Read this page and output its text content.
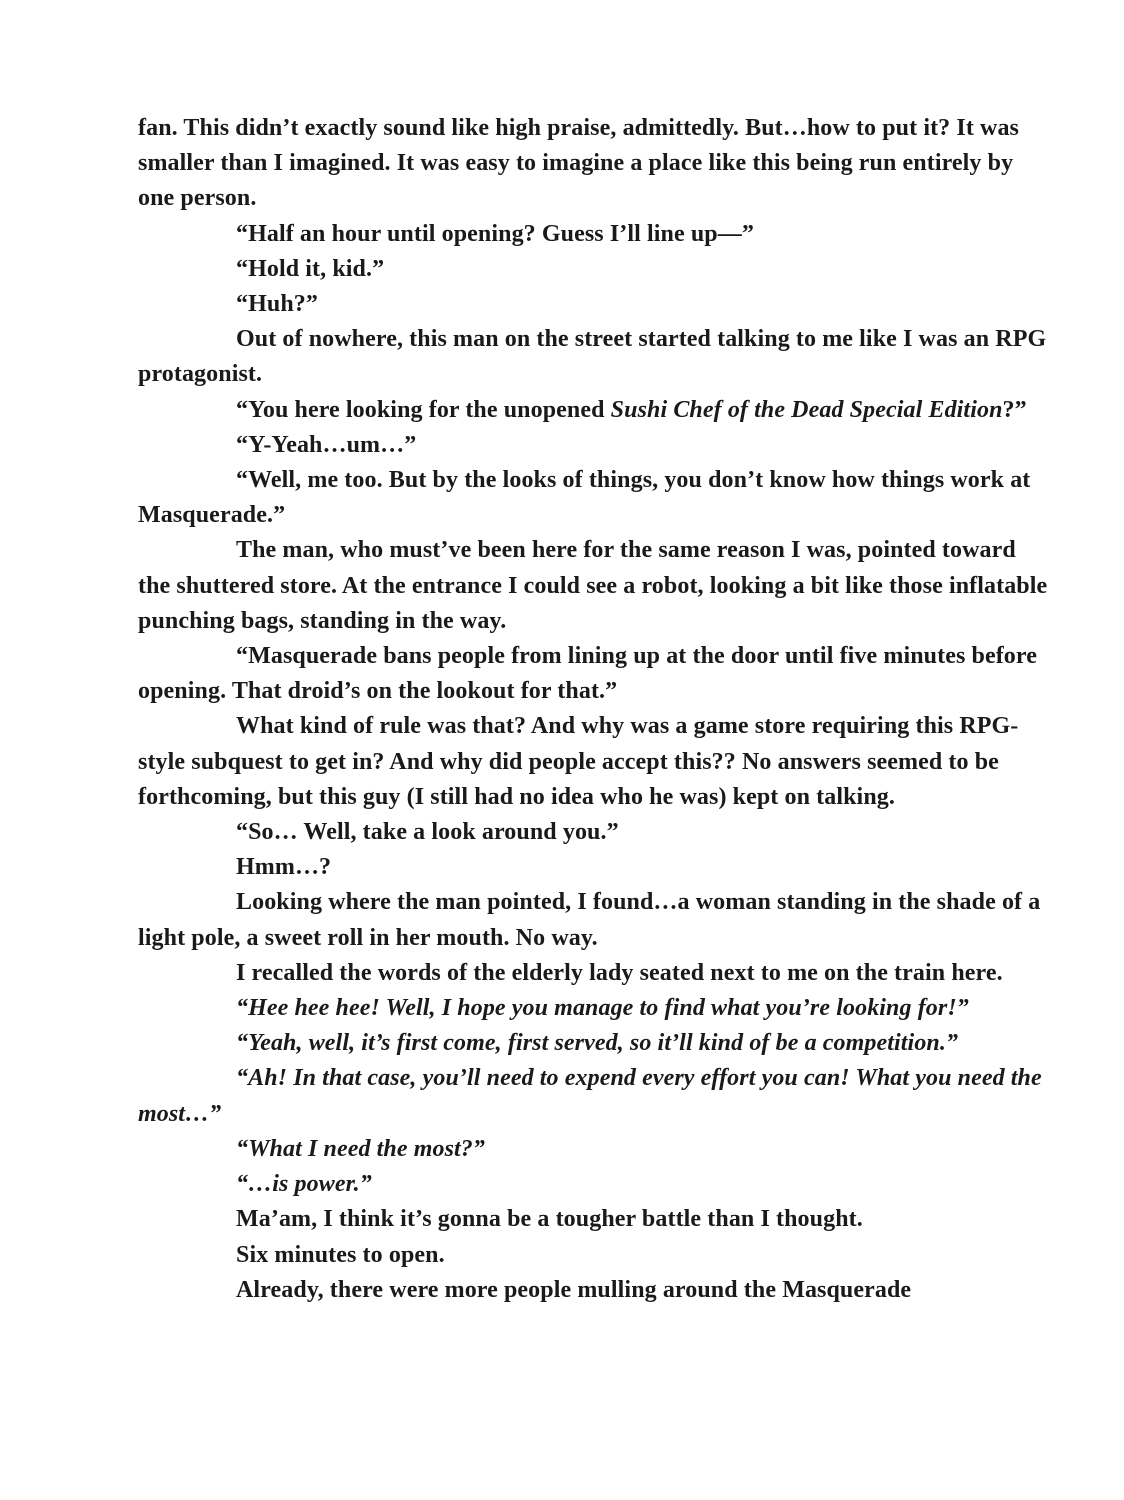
fan. This didn’t exactly sound like high praise, admittedly. But…how to put it? It was smaller than I imagined. It was easy to imagine a place like this being run entirely by one person.

“Half an hour until opening? Guess I’ll line up—”

“Hold it, kid.”

“Huh?”

Out of nowhere, this man on the street started talking to me like I was an RPG protagonist.

“You here looking for the unopened Sushi Chef of the Dead Special Edition?”

“Y-Yeah…um…”

“Well, me too. But by the looks of things, you don’t know how things work at Masquerade.”

The man, who must’ve been here for the same reason I was, pointed toward the shuttered store. At the entrance I could see a robot, looking a bit like those inflatable punching bags, standing in the way.

“Masquerade bans people from lining up at the door until five minutes before opening. That droid’s on the lookout for that.”

What kind of rule was that? And why was a game store requiring this RPG-style subquest to get in? And why did people accept this?? No answers seemed to be forthcoming, but this guy (I still had no idea who he was) kept on talking.

“So… Well, take a look around you.”

Hmm…?

Looking where the man pointed, I found…a woman standing in the shade of a light pole, a sweet roll in her mouth. No way.

I recalled the words of the elderly lady seated next to me on the train here.

“Hee hee hee! Well, I hope you manage to find what you’re looking for!”

“Yeah, well, it’s first come, first served, so it’ll kind of be a competition.”

“Ah! In that case, you’ll need to expend every effort you can! What you need the most…”

“What I need the most?”

“…is power.”

Ma’am, I think it’s gonna be a tougher battle than I thought.

Six minutes to open.

Already, there were more people mulling around the Masquerade
